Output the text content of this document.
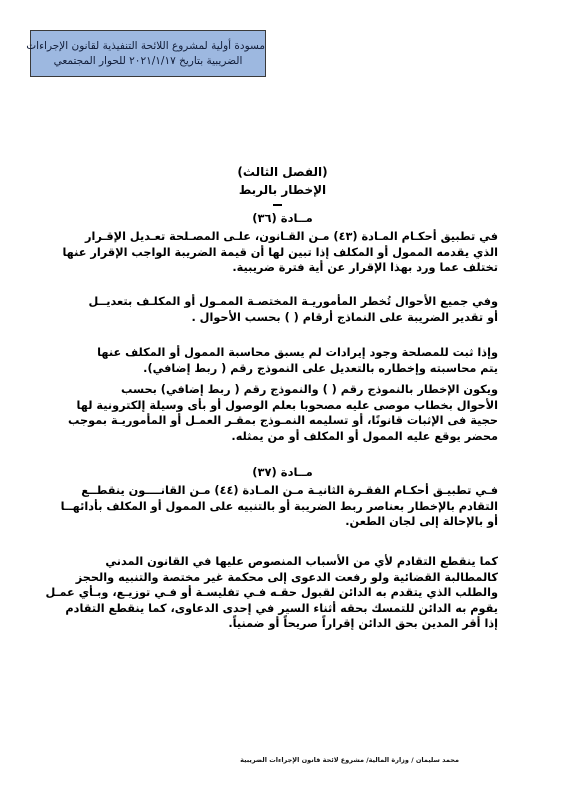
مسودة أولية لمشروع اللائحة التنفيذية لقانون الإجراءات
الضريبية بتاريخ ٢٠٢١/١/١٧ للحوار المجتمعي
(الفصل الثالث)
الإخطار بالربط
مــادة (٣٦)
في تطبيق أحكـام المـادة (٤٣) مـن القـانون، علـى المصـلحة تعـديل الإقـرار
الذي يقدمه الممول أو المكلف إذا تبين لها أن قيمة الضريبة الواجب الإقرار عنها
تختلف عما ورد بهذا الإقرار عن أية فترة ضريبية.
وفي جميع الأحوال تُخطر المأموريـة المختصـة الممـول أو المكلـف بتعديــل
أو تقدير الضريبة على النماذج أرقام ( ) بحسب الأحوال .
وإذا ثبت للمصلحة وجود إيرادات لم يسبق محاسبة الممول أو المكلف عنها
يتم محاسبته وإخطاره بالتعديل على النموذج رقم ( ربط إضافي).
ويكون الإخطار بالنموذج رقم ( ) والنموذج رقم ( ربط إضافي) بحسب
الأحوال بخطاب موصى عليه مصحوبا بعلم الوصول أو بأى وسيلة إلكترونية لها
حجية فى الإثبات قانونًا، أو تسليمه النمـوذج بمقـر العمـل أو المأموريـة بموجب
محضر يوقع عليه الممول أو المكلف أو من يمثله.
مــادة (٣٧)
فـي تطبيـق أحكـام الفقـرة الثانيـة مـن المـادة (٤٤) مـن القانــــون ينقطــع
التقادم بالإخطار بعناصر ربط الضريبة أو بالتنبيه على الممول أو المكلف بأدائهــا
أو بالإحالة إلى لجان الطعن.
كما ينقطع التقادم لأي من الأسباب المنصوص عليها في القانون المدني
كالمطالبة القضائية ولو رفعت الدعوى إلى محكمة غير مختصة والتنبيه والحجز
والطلب الذي يتقدم به الدائن لقبول حقـه فـي تفليسـة أو فـي توزيـع، وبـأي عمـل
يقوم به الدائن للتمسك بحقه أثناء السير في إحدى الدعاوى، كما ينقطع التقادم
إذا أقر المدين بحق الدائن إقراراً صريحاً أو ضمنياً.
محمد سليمان / وزارة المالية/ مشروع لائحة قانون الإجراءات الضريبية
